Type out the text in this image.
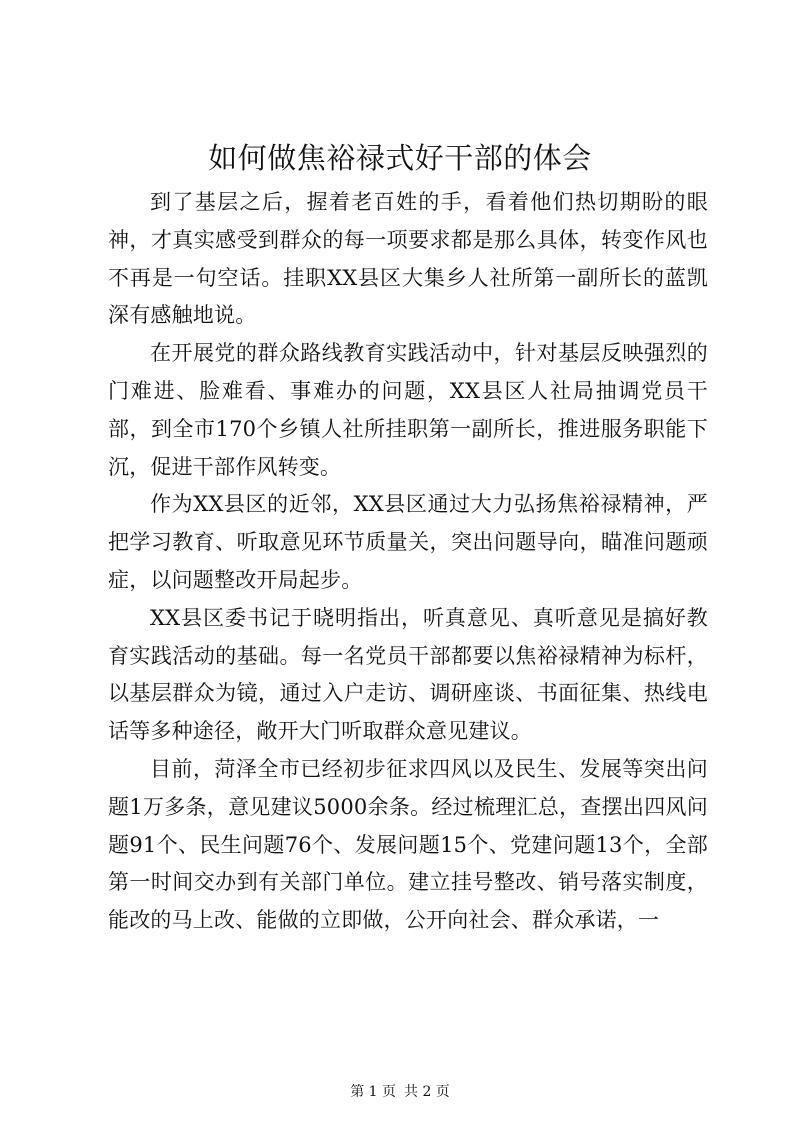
如何做焦裕禄式好干部的体会

到了基层之后，握着老百姓的手，看着他们热切期盼的眼神，才真实感受到群众的每一项要求都是那么具体，转变作风也不再是一句空话。挂职XX县区大集乡人社所第一副所长的蓝凯深有感触地说。

在开展党的群众路线教育实践活动中，针对基层反映强烈的门难进、脸难看、事难办的问题，XX县区人社局抽调党员干部，到全市170个乡镇人社所挂职第一副所长，推进服务职能下沉，促进干部作风转变。

作为XX县区的近邻，XX县区通过大力弘扬焦裕禄精神，严把学习教育、听取意见环节质量关，突出问题导向，瞄准问题顽症，以问题整改开局起步。

XX县区委书记于晓明指出，听真意见、真听意见是搞好教育实践活动的基础。每一名党员干部都要以焦裕禄精神为标杆，以基层群众为镜，通过入户走访、调研座谈、书面征集、热线电话等多种途径，敞开大门听取群众意见建议。

目前，菏泽全市已经初步征求四风以及民生、发展等突出问题1万多条，意见建议5000余条。经过梳理汇总，查摆出四风问题91个、民生问题76个、发展问题15个、党建问题13个，全部第一时间交办到有关部门单位。建立挂号整改、销号落实制度，能改的马上改、能做的立即做，公开向社会、群众承诺，一

第 1 页 共 2 页
